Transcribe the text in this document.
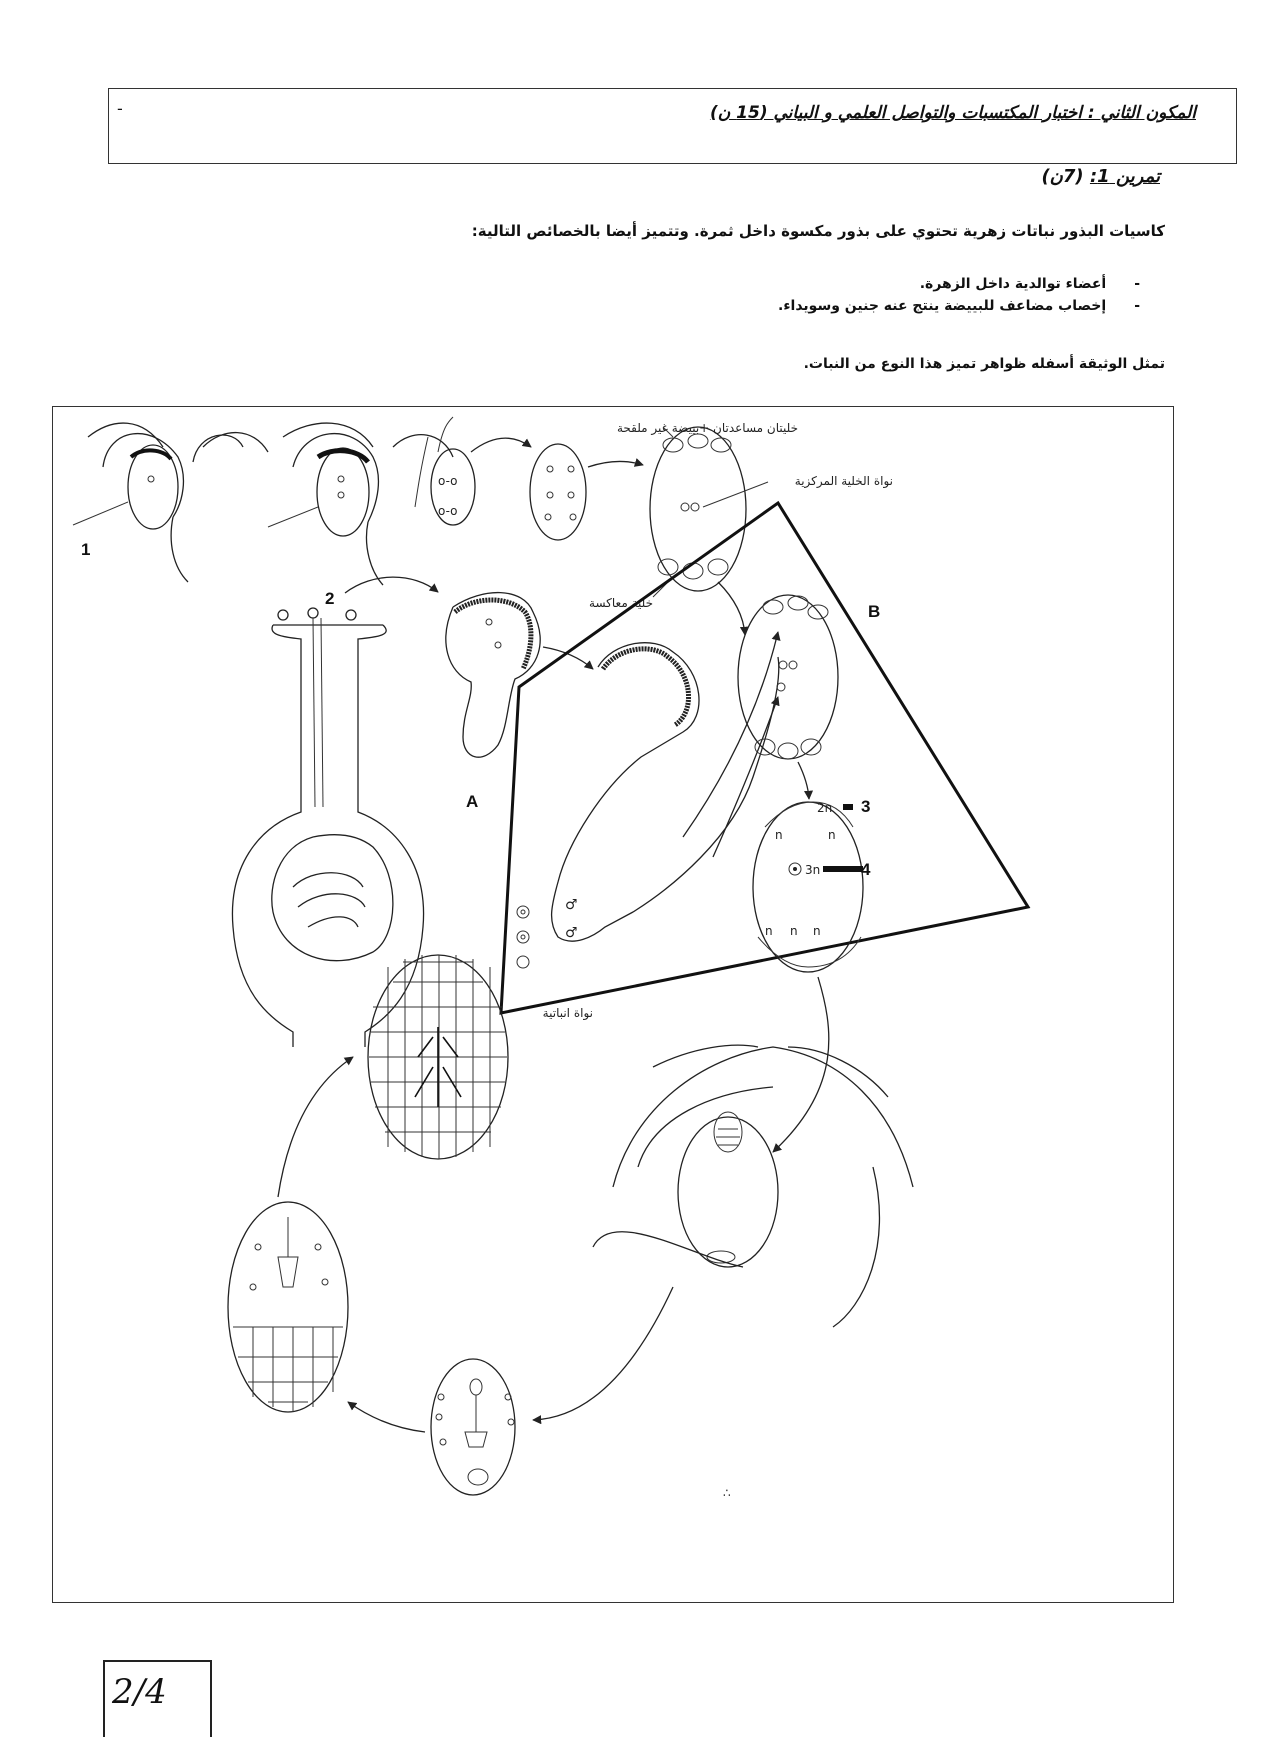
المكون الثاني : اختبار المكتسبات والتواصل العلمي و البياني (15 ن)
-
تمرين 1: (7ن)
كاسيات البذور نباتات زهرية تحتوي على بذور مكسوة داخل ثمرة. وتتميز أيضا بالخصائص التالية:
- أعضاء توالدية داخل الزهرة.
- إخصاب مضاعف للبييضة ينتج عنه جنين وسويداء.
تمثل الوثيقة أسفله ظواهر تميز هذا النوع من النبات.
1
o-o
o-o
خليتان مساعدتان +بييضة غير ملقحة
نواة الخلية المركزية
خلية معاكسة
2
A
♂
♂
نواة انباتية
B
n	n
2n 3
3n 4
n n n
∴
2/4
